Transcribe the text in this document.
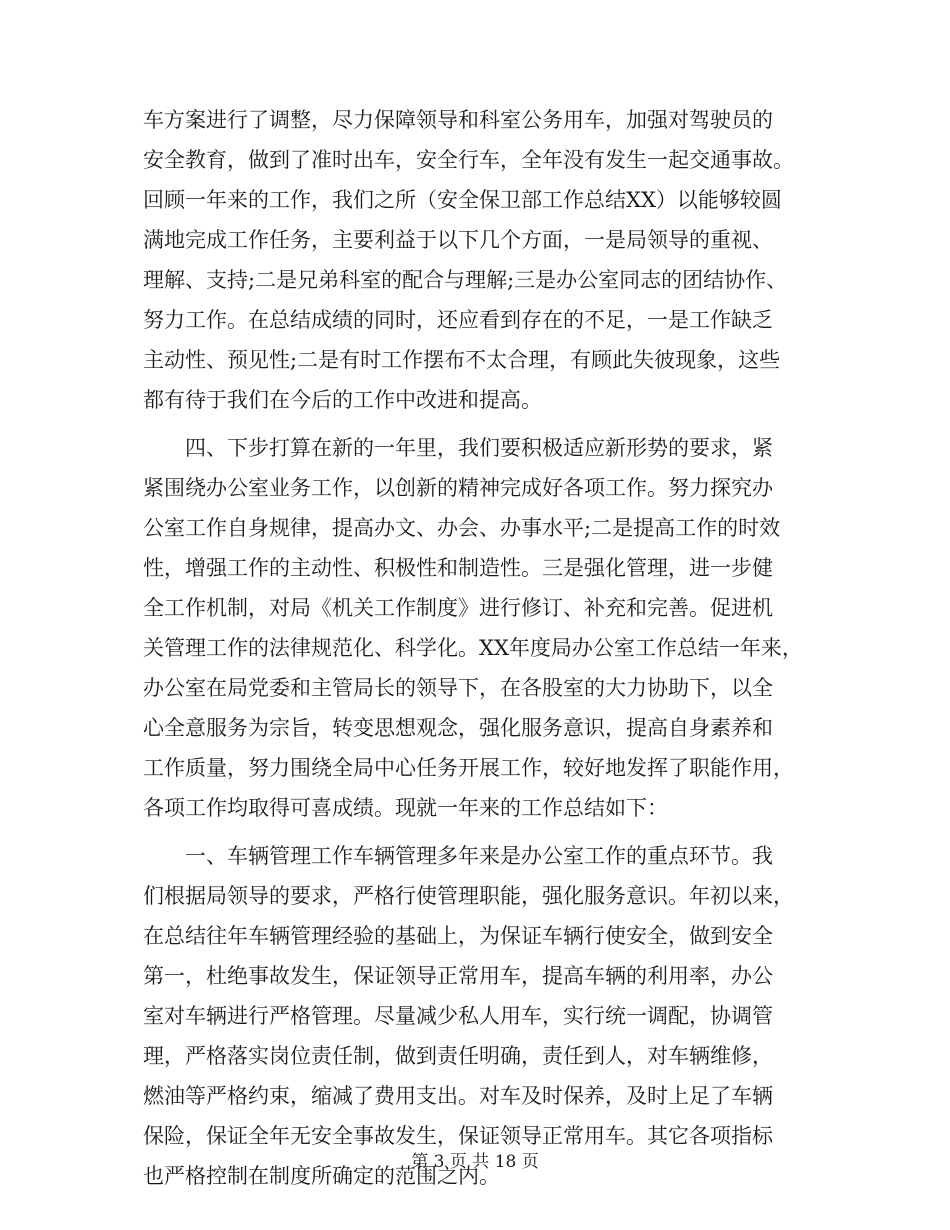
车方案进行了调整，尽力保障领导和科室公务用车，加强对驾驶员的
安全教育，做到了准时出车，安全行车，全年没有发生一起交通事故。
回顾一年来的工作，我们之所（安全保卫部工作总结XX）以能够较圆
满地完成工作任务，主要利益于以下几个方面，一是局领导的重视、
理解、支持;二是兄弟科室的配合与理解;三是办公室同志的团结协作、
努力工作。在总结成绩的同时，还应看到存在的不足，一是工作缺乏
主动性、预见性;二是有时工作摆布不太合理，有顾此失彼现象，这些
都有待于我们在今后的工作中改进和提高。
　　四、下步打算在新的一年里，我们要积极适应新形势的要求，紧
紧围绕办公室业务工作，以创新的精神完成好各项工作。努力探究办
公室工作自身规律，提高办文、办会、办事水平;二是提高工作的时效
性，增强工作的主动性、积极性和制造性。三是强化管理，进一步健
全工作机制，对局《机关工作制度》进行修订、补充和完善。促进机
关管理工作的法律规范化、科学化。XX年度局办公室工作总结一年来，
办公室在局党委和主管局长的领导下，在各股室的大力协助下，以全
心全意服务为宗旨，转变思想观念，强化服务意识，提高自身素养和
工作质量，努力围绕全局中心任务开展工作，较好地发挥了职能作用，
各项工作均取得可喜成绩。现就一年来的工作总结如下：
　　一、车辆管理工作车辆管理多年来是办公室工作的重点环节。我
们根据局领导的要求，严格行使管理职能，强化服务意识。年初以来，
在总结往年车辆管理经验的基础上，为保证车辆行使安全，做到安全
第一，杜绝事故发生，保证领导正常用车，提高车辆的利用率，办公
室对车辆进行严格管理。尽量减少私人用车，实行统一调配，协调管
理，严格落实岗位责任制，做到责任明确，责任到人，对车辆维修，
燃油等严格约束，缩减了费用支出。对车及时保养，及时上足了车辆
保险，保证全年无安全事故发生，保证领导正常用车。其它各项指标
也严格控制在制度所确定的范围之内。
第 3 页 共 18 页
